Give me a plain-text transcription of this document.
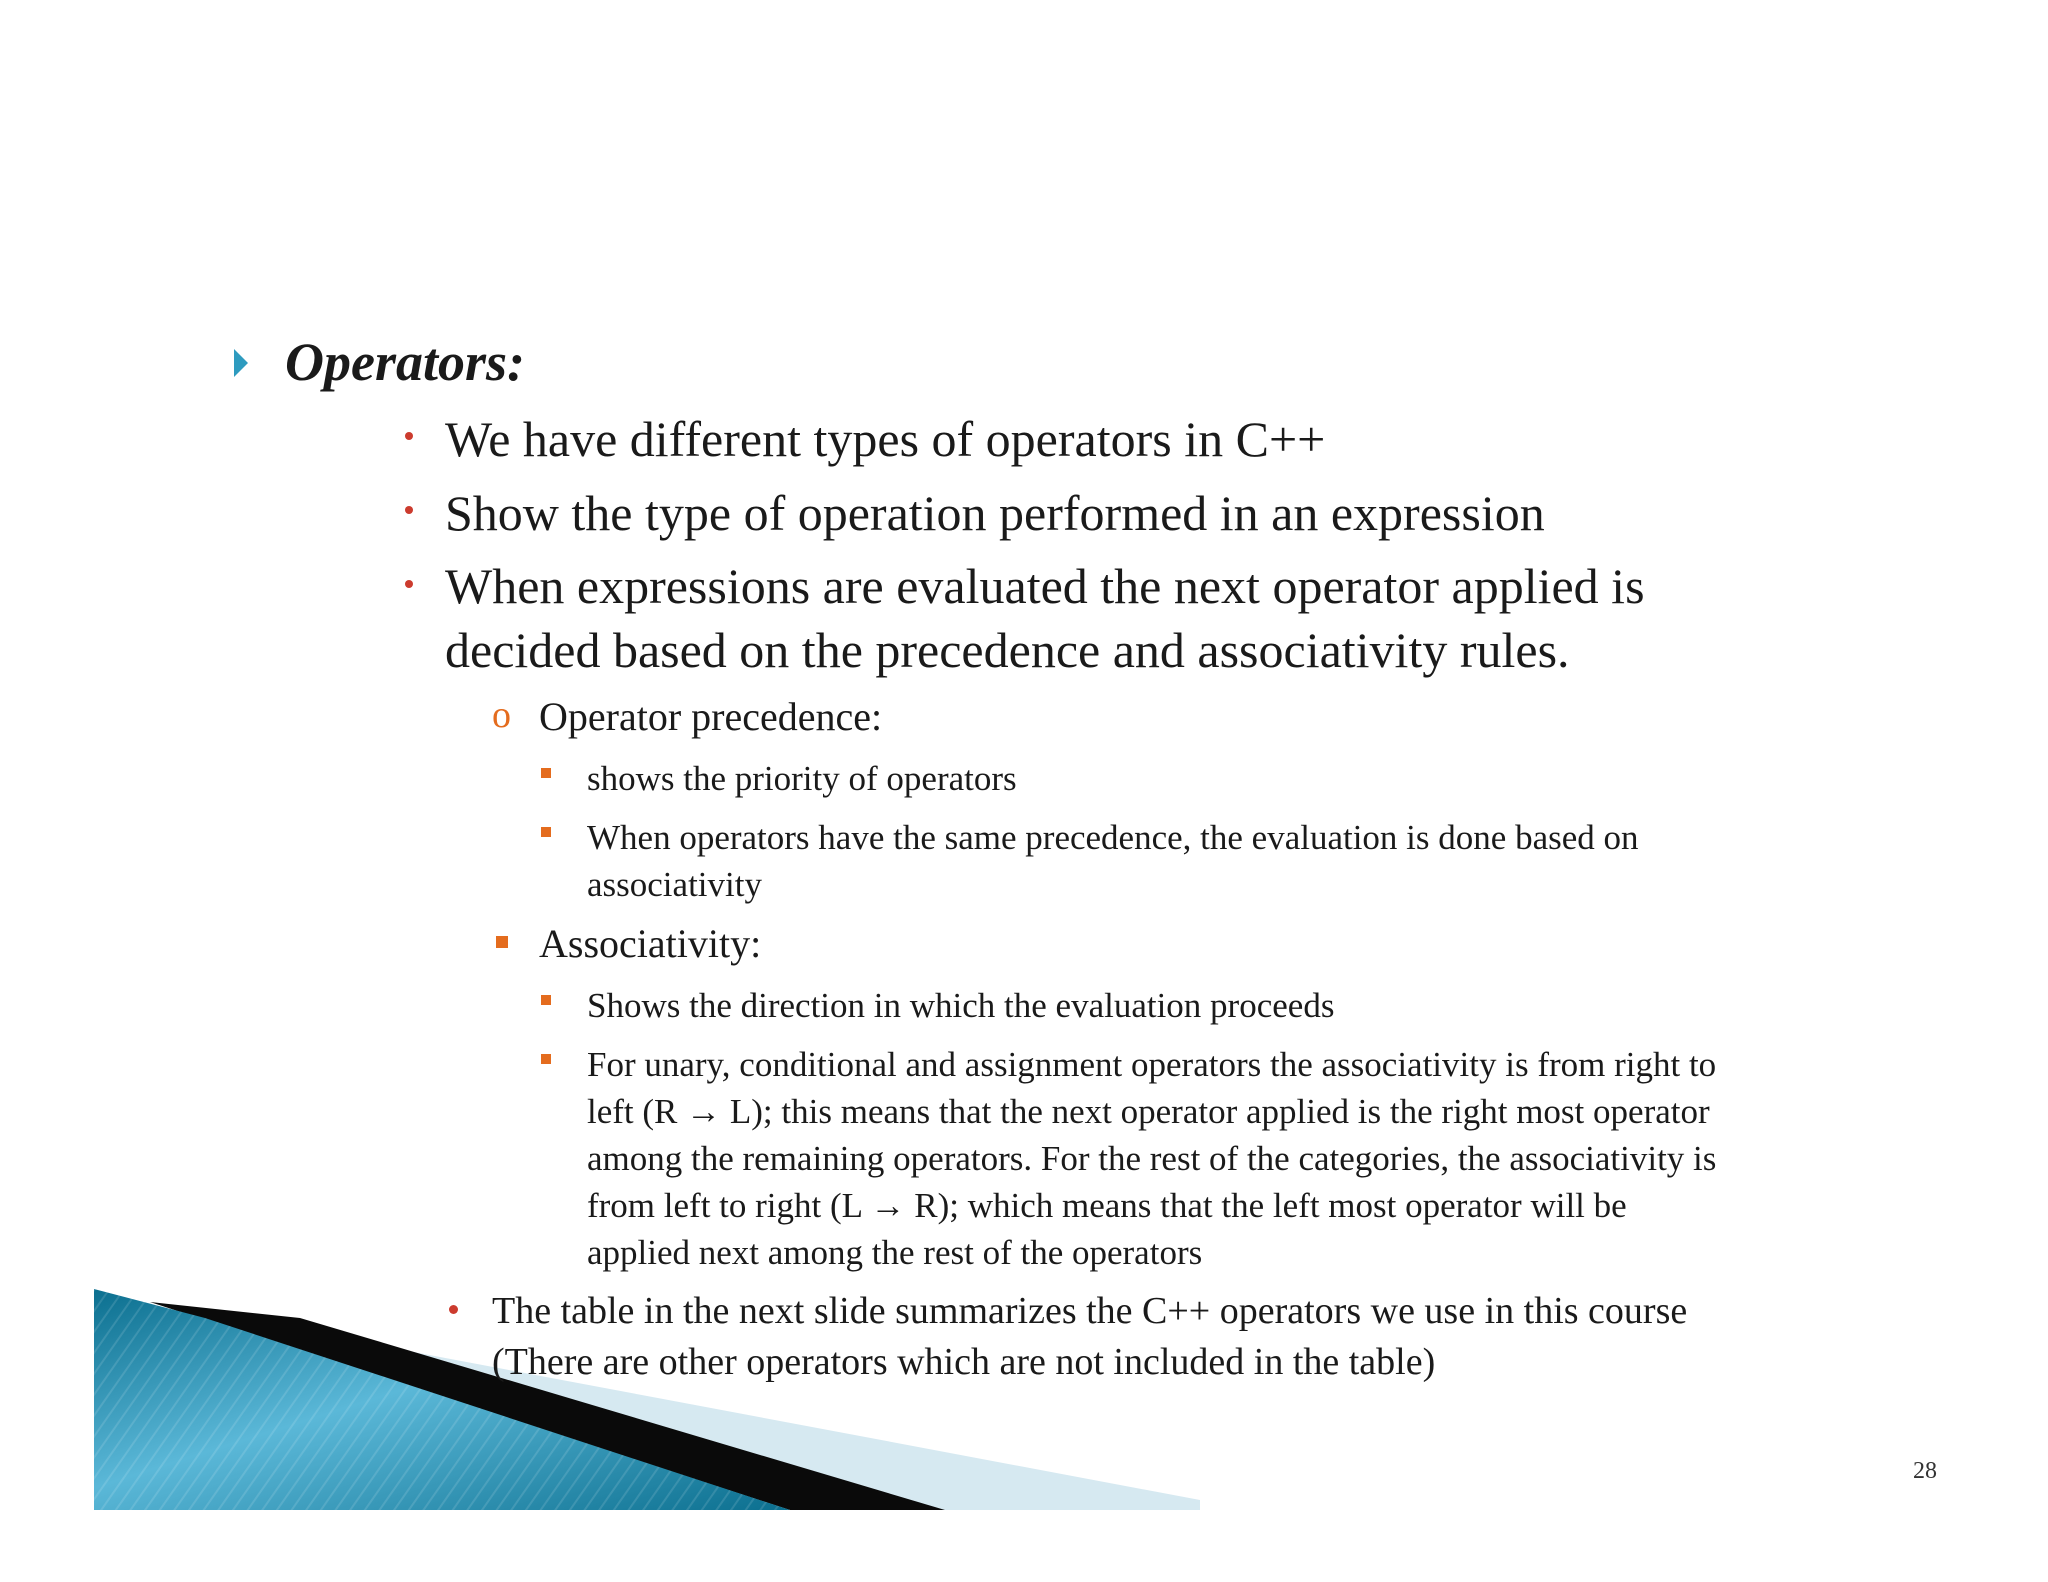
Operators:
We have different types of operators in C++
Show the type of operation performed in an expression
When expressions are evaluated the next operator applied is
decided based on the precedence and associativity rules.
o Operator precedence:
shows the priority of operators
When operators have the same precedence, the evaluation is done based on
associativity
Associativity:
Shows the direction in which the evaluation proceeds
For unary, conditional and assignment operators the associativity is from right to
left (R → L); this means that the next operator applied is the right most operator
among the remaining operators. For the rest of the categories, the associativity is
from left to right (L → R); which means that the left most operator will be
applied next among the rest of the operators
The table in the next slide summarizes the C++ operators we use in this course
(There are other operators which are not included in the table)
28
